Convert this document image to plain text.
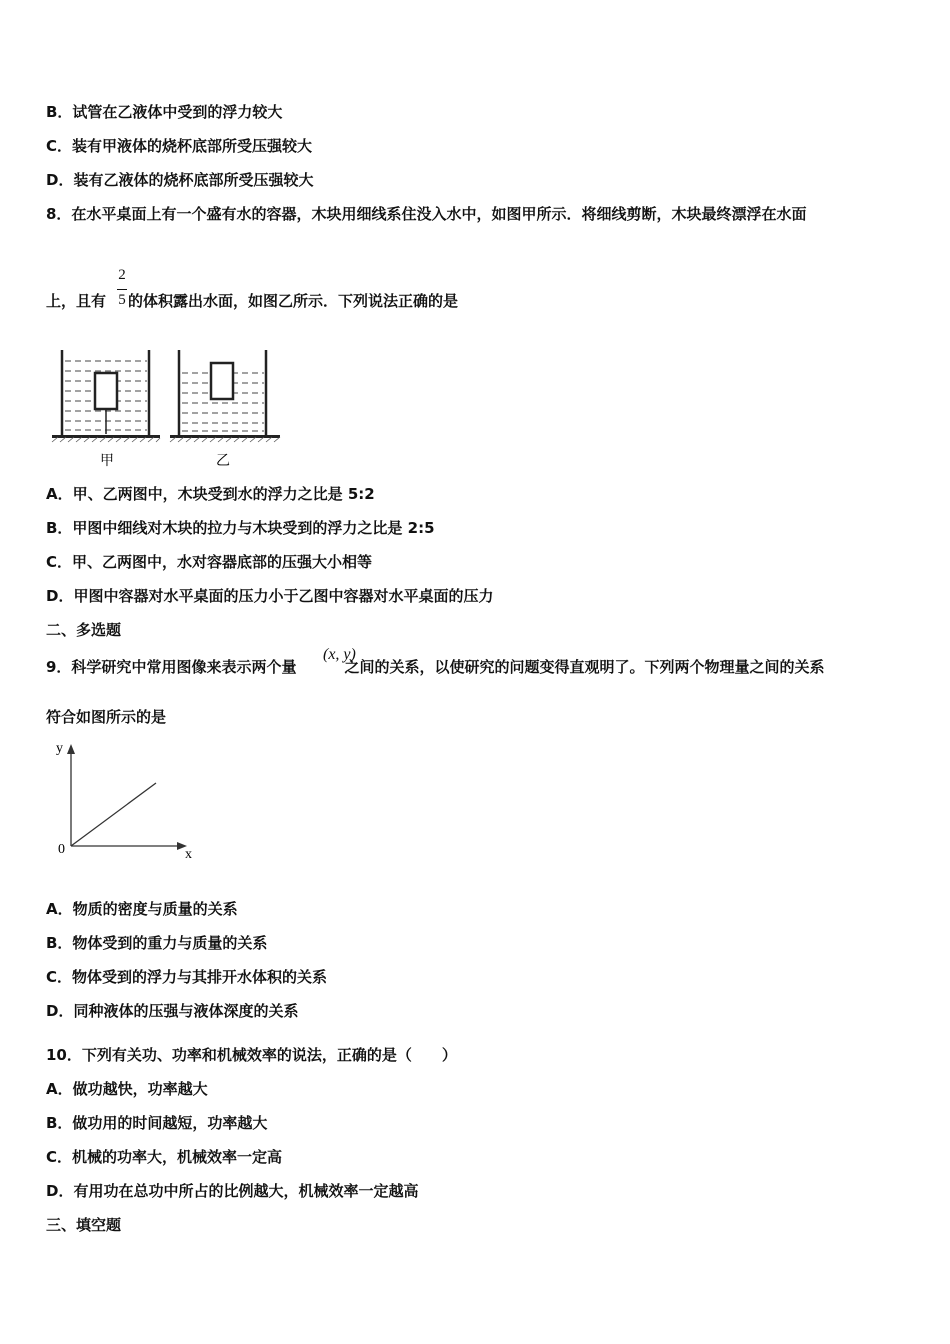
B．试管在乙液体中受到的浮力较大
C．装有甲液体的烧杯底部所受压强较大
D．装有乙液体的烧杯底部所受压强较大
8．在水平桌面上有一个盛有水的容器，木块用细线系住没入水中，如图甲所示．将细线剪断，木块最终漂浮在水面
上，且有 的体积露出水面，如图乙所示．下列说法正确的是
2
5
甲	乙
A．甲、乙两图中，木块受到水的浮力之比是 5:2
B．甲图中细线对木块的拉力与木块受到的浮力之比是 2:5
C．甲、乙两图中，水对容器底部的压强大小相等
D．甲图中容器对水平桌面的压力小于乙图中容器对水平桌面的压力
二、多选题
9．科学研究中常用图像来表示两个量	之间的关系，以使研究的问题变得直观明了。下列两个物理量之间的关系
(x, y)
符合如图所示的是
y
x
0
A．物质的密度与质量的关系
B．物体受到的重力与质量的关系
C．物体受到的浮力与其排开水体积的关系
D．同种液体的压强与液体深度的关系
10．下列有关功、功率和机械效率的说法，正确的是（　　）
A．做功越快，功率越大
B．做功用的时间越短，功率越大
C．机械的功率大，机械效率一定高
D．有用功在总功中所占的比例越大，机械效率一定越高
三、填空题
